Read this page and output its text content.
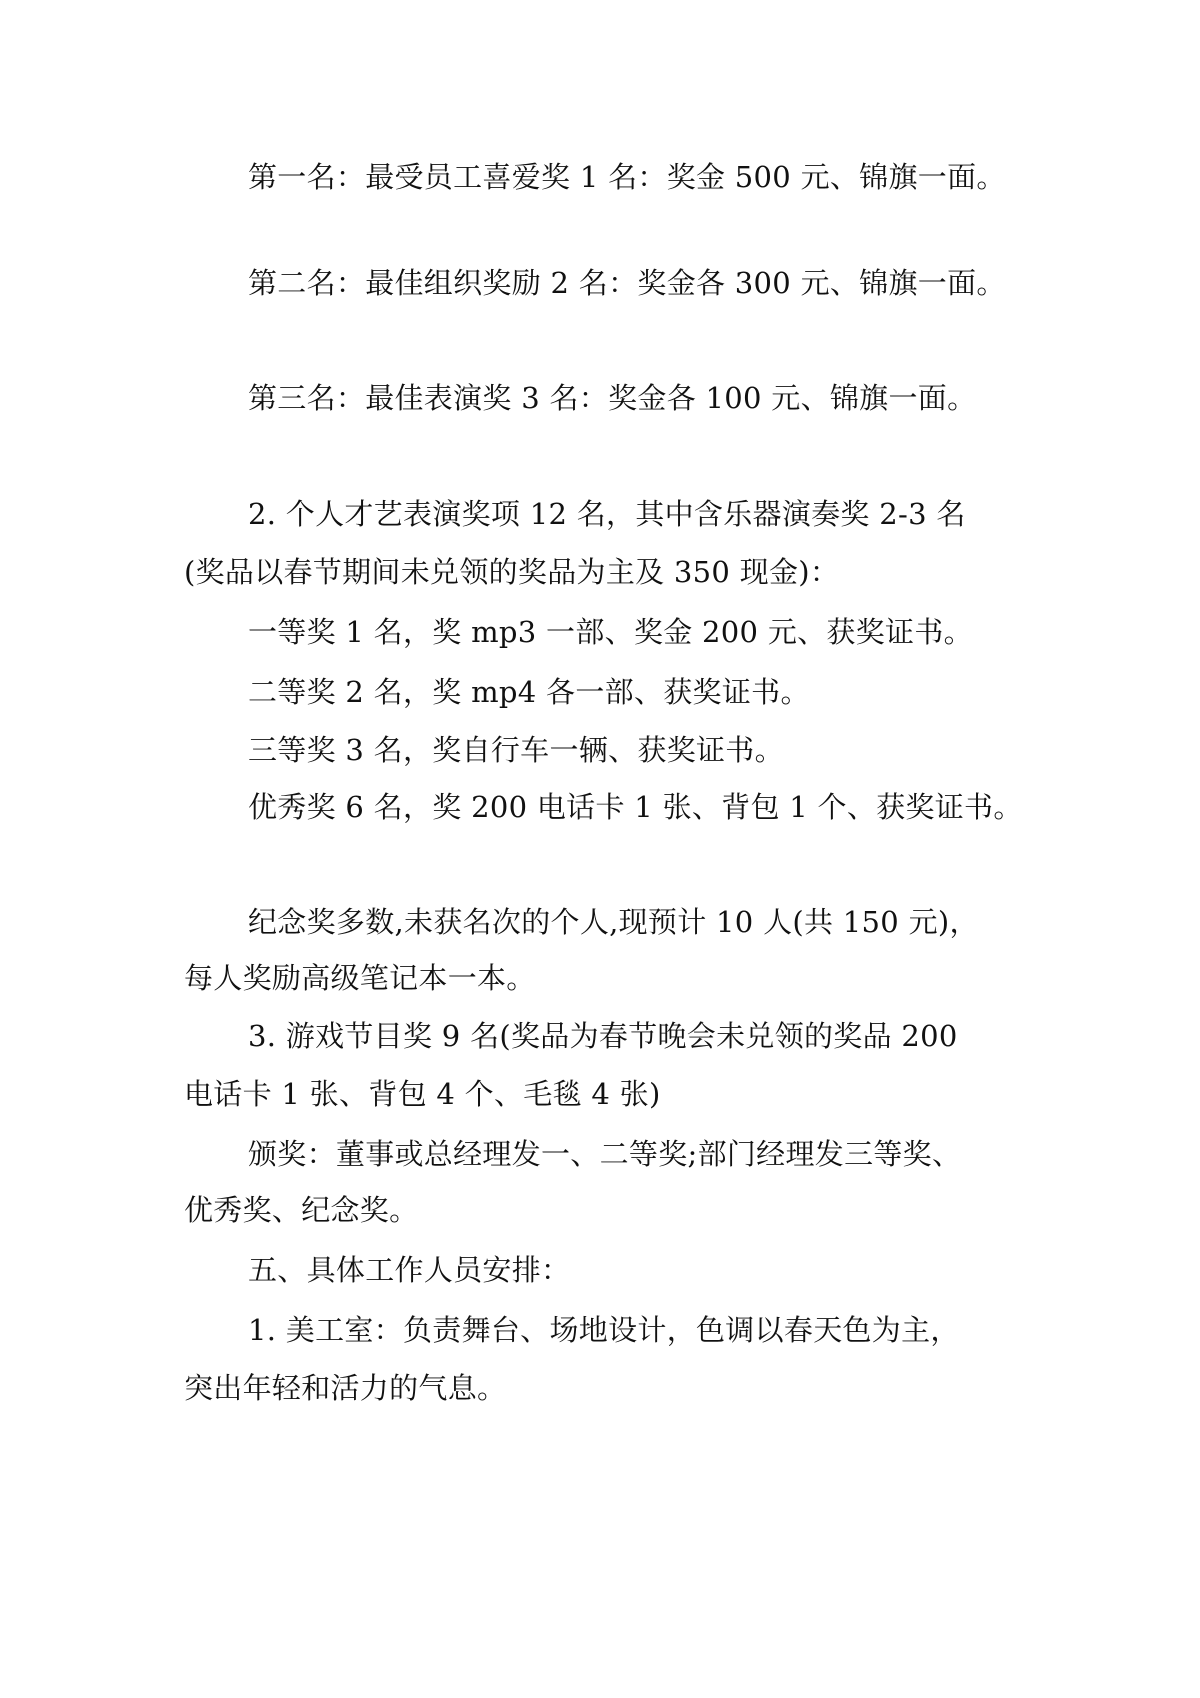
第一名：最受员工喜爱奖 1 名：奖金 500 元、锦旗一面。
第二名：最佳组织奖励 2 名：奖金各 300 元、锦旗一面。
第三名：最佳表演奖 3 名：奖金各 100 元、锦旗一面。
2. 个人才艺表演奖项 12 名，其中含乐器演奏奖 2-3 名
(奖品以春节期间未兑领的奖品为主及 350 现金)：
一等奖 1 名，奖 mp3 一部、奖金 200 元、获奖证书。
二等奖 2 名，奖 mp4 各一部、获奖证书。
三等奖 3 名，奖自行车一辆、获奖证书。
优秀奖 6 名，奖 200 电话卡 1 张、背包 1 个、获奖证书。
纪念奖多数,未获名次的个人,现预计 10 人(共 150 元)，
每人奖励高级笔记本一本。
3. 游戏节目奖 9 名(奖品为春节晚会未兑领的奖品 200
电话卡 1 张、背包 4 个、毛毯 4 张)
颁奖：董事或总经理发一、二等奖;部门经理发三等奖、
优秀奖、纪念奖。
五、具体工作人员安排：
1. 美工室：负责舞台、场地设计，色调以春天色为主，
突出年轻和活力的气息。
